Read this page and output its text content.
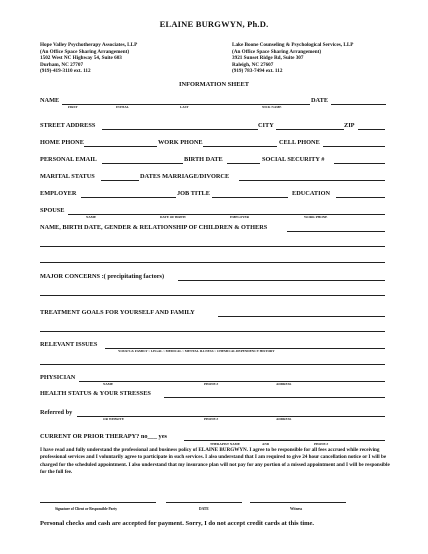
ELAINE BURGWYN, Ph.D.
Hope Valley Psychotherapy Associates, LLP
(An Office Space Sharing Arrangement)
1502 West NC Highway 54, Suite 603
Durham, NC 27707
(919)-419-3110 ext. 112
Lake Boone Counseling & Psychological Services, LLP
(An Office Space Sharing Arrangement)
3921 Sunset Ridge Rd, Suite 307
Raleigh, NC 27607
(919) 783-7494 ext. 112
INFORMATION SHEET
NAME
FIRST	INITIAL	LAST	NICK NAME
DATE
STREET ADDRESS	CITY	ZIP
HOME PHONE	WORK PHONE	CELL PHONE
PERSONAL EMAIL	BIRTH DATE	SOCIAL SECURITY #
MARITAL STATUS	DATES MARRIAGE/DIVORCE
EMPLOYER	JOB TITLE	EDUCATION
SPOUSE
NAME	DATE OF BIRTH	EMPLOYER	WORK PHONE
NAME, BIRTH DATE, GENDER & RELATIONSHIP OF CHILDREN & OTHERS
MAJOR CONCERNS :( precipitating factors)
TREATMENT GOALS FOR YOURSELF AND FAMILY
RELEVANT ISSUES
YOUR'S & FAMILY ~ LEGAL ~ MEDICAL ~ MENTAL ILLNESS ~ CHEMICAL DEPENDENCY HISTORY
PHYSICIAN
NAME	PHONE #	ADDRESS
HEALTH STATUS & YOUR STRESSES
Referred by
OR WEBSITE	PHONE #	ADDRESS
CURRENT OR PRIOR THERAPY? no___ yes
THERAPIST NAME	AND	PHONE #
I have read and fully understand the professional and business policy of ELAINE BURGWYN. I agree to be responsible for all fees accrued while receiving professional services and I voluntarily agree to participate in such services. I also understand that I am required to give 24 hour cancellation notice or I will be charged for the scheduled appointment. I also understand that my insurance plan will not pay for any portion of a missed appointment and I will be responsible for the full fee.
Signature of Client or Responsible Party	DATE	Witness
Personal checks and cash are accepted for payment. Sorry, I do not accept credit cards at this time.
